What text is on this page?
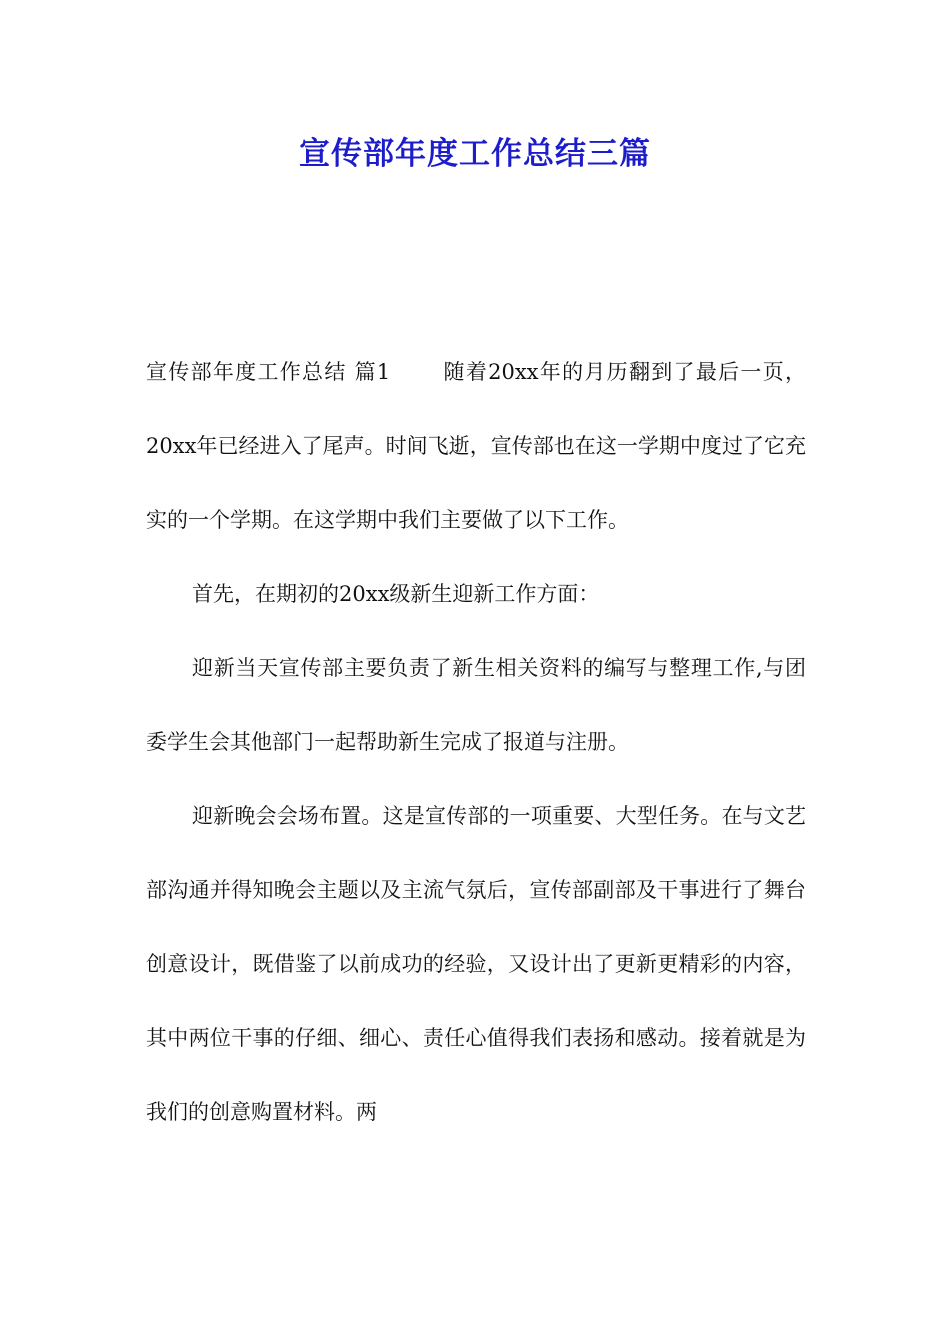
宣传部年度工作总结三篇

宣传部年度工作总结 篇1 随着20xx年的月历翻到了最后一页，20xx年已经进入了尾声。时间飞逝，宣传部也在这一学期中度过了它充实的一个学期。在这学期中我们主要做了以下工作。

首先，在期初的20xx级新生迎新工作方面：

迎新当天宣传部主要负责了新生相关资料的编写与整理工作,与团委学生会其他部门一起帮助新生完成了报道与注册。

迎新晚会会场布置。这是宣传部的一项重要、大型任务。在与文艺部沟通并得知晚会主题以及主流气氛后，宣传部副部及干事进行了舞台创意设计，既借鉴了以前成功的经验，又设计出了更新更精彩的内容，其中两位干事的仔细、细心、责任心值得我们表扬和感动。接着就是为我们的创意购置材料。两
